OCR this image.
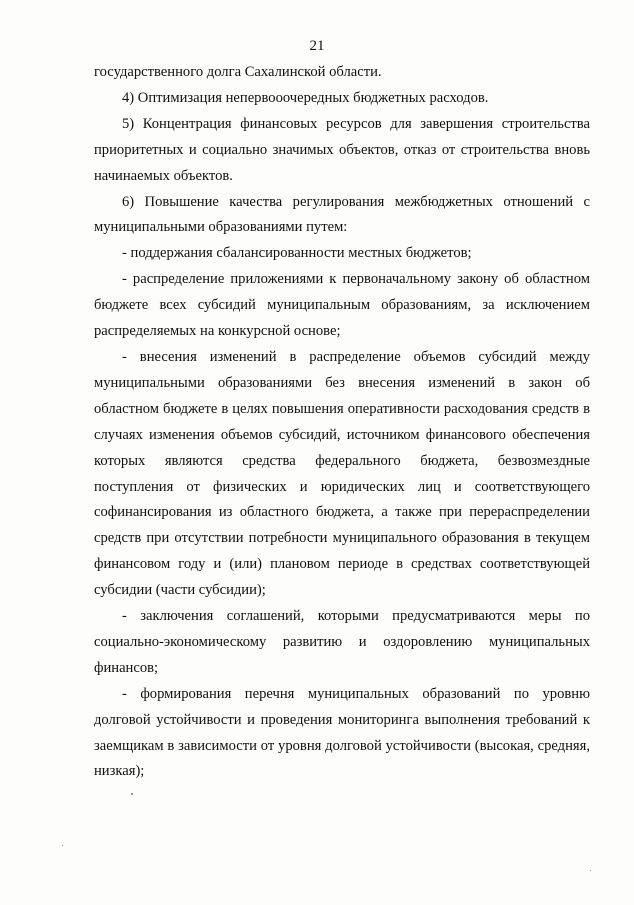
21

государственного долга Сахалинской области.

4) Оптимизация непервооочередных бюджетных расходов.

5) Концентрация финансовых ресурсов для завершения строительства приоритетных и социально значимых объектов, отказ от строительства вновь начинаемых объектов.

6) Повышение качества регулирования межбюджетных отношений с муниципальными образованиями путем:

- поддержания сбалансированности местных бюджетов;

- распределение приложениями к первоначальному закону об областном бюджете всех субсидий муниципальным образованиям, за исключением распределяемых на конкурсной основе;

- внесения изменений в распределение объемов субсидий между муниципальными образованиями без внесения изменений в закон об областном бюджете в целях повышения оперативности расходования средств в случаях изменения объемов субсидий, источником финансового обеспечения которых являются средства федерального бюджета, безвозмездные поступления от физических и юридических лиц и соответствующего софинансирования из областного бюджета, а также при перераспределении средств при отсутствии потребности муниципального образования в текущем финансовом году и (или) плановом периоде в средствах соответствующей субсидии (части субсидии);

- заключения соглашений, которыми предусматриваются меры по социально-экономическому развитию и оздоровлению муниципальных финансов;

- формирования перечня муниципальных образований по уровню долговой устойчивости и проведения мониторинга выполнения требований к заемщикам в зависимости от уровня долговой устойчивости (высокая, средняя, низкая);
